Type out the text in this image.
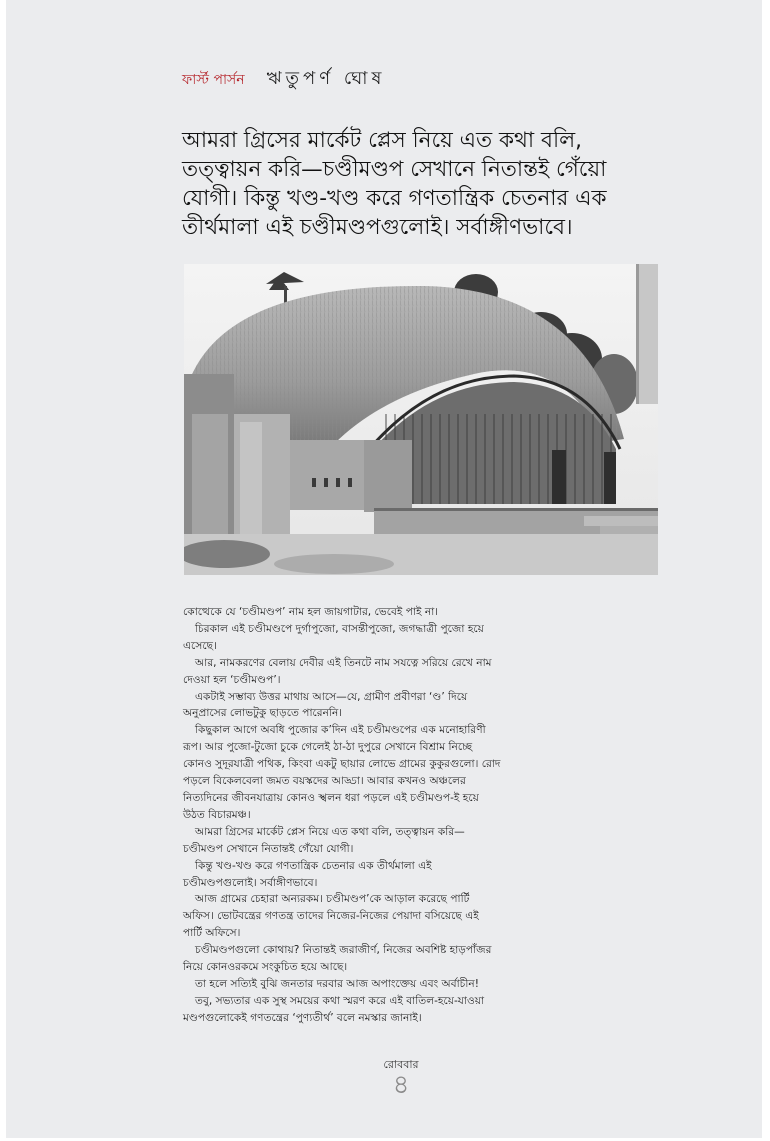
ফার্স্ট পার্সন ঋতুপর্ণ ঘোষ
আমরা গ্রিসের মার্কেট প্লেস নিয়ে এত কথা বলি, তত্ত্বায়ন করি—চণ্ডীমণ্ডপ সেখানে নিতান্তই গেঁয়ো যোগী। কিন্তু খণ্ড-খণ্ড করে গণতান্ত্রিক চেতনার এক তীর্থমালা এই চণ্ডীমণ্ডপগুলোই। সর্বাঙ্গীণভাবে।

কোত্থেকে যে ‘চণ্ডীমণ্ডপ’ নাম হল জায়গাটার, ভেবেই পাই না।

চিরকাল এই চণ্ডীমণ্ডপে দুর্গাপুজো, বাসন্তীপুজো, জগদ্ধাত্রী পুজো হয়ে এসেছে।

আর, নামকরণের বেলায় দেবীর এই তিনটে নাম সযত্নে সরিয়ে রেখে নাম দেওয়া হল ‘চণ্ডীমণ্ডপ’।

একটাই সম্ভাব্য উত্তর মাথায় আসে—যে, গ্রামীণ প্রবীণরা ‘ণ্ড’ দিয়ে অনুপ্রাসের লোভটুকু ছাড়তে পারেননি।

কিছুকাল আগে অবধি পুজোর ক’দিন এই চণ্ডীমণ্ডপের এক মনোহারিণী রূপ। আর পুজো-টুজো চুকে গেলেই ঠা-ঠা দুপুরে সেখানে বিশ্রাম নিচ্ছে কোনও সুদূরযাত্রী পথিক, কিংবা একটু ছায়ার লোভে গ্রামের কুকুরগুলো। রোদ পড়লে বিকেলবেলা জমত বয়স্কদের আড্ডা। আবার কখনও অঞ্চলের নিত্যদিনের জীবনযাত্রায় কোনও স্খলন ধরা পড়লে এই চণ্ডীমণ্ডপ-ই হয়ে উঠত বিচারমঞ্চ।

আমরা গ্রিসের মার্কেট প্লেস নিয়ে এত কথা বলি, তত্ত্বায়ন করি—চণ্ডীমণ্ডপ সেখানে নিতান্তই গেঁয়ো যোগী।

কিন্তু খণ্ড-খণ্ড করে গণতান্ত্রিক চেতনার এক তীর্থমালা এই চণ্ডীমণ্ডপগুলোই। সর্বাঙ্গীণভাবে।

আজ গ্রামের চেহারা অন্যরকম। চণ্ডীমণ্ডপ’কে আড়াল করেছে পার্টি অফিস। ভোটবন্ত্রের গণতন্ত্র তাদের নিজের-নিজের পেয়াদা বসিয়েছে এই পার্টি অফিসে।

চণ্ডীমণ্ডপগুলো কোথায়? নিতান্তই জরাজীর্ণ, নিজের অবশিষ্ট হাড়পাঁজর নিয়ে কোনওরকমে সংকুচিত হয়ে আছে।

তা হলে সত্যিই বুঝি জনতার দরবার আজ অপাংক্তেয় এবং অর্বাচীন!

তবু, সভ্যতার এক সুস্থ সময়ের কথা স্মরণ করে এই বাতিল-হয়ে-যাওয়া মণ্ডপগুলোকেই গণতন্ত্রের ‘পুণ্যতীর্থ’ বলে নমস্কার জানাই।

রোববার
৪
